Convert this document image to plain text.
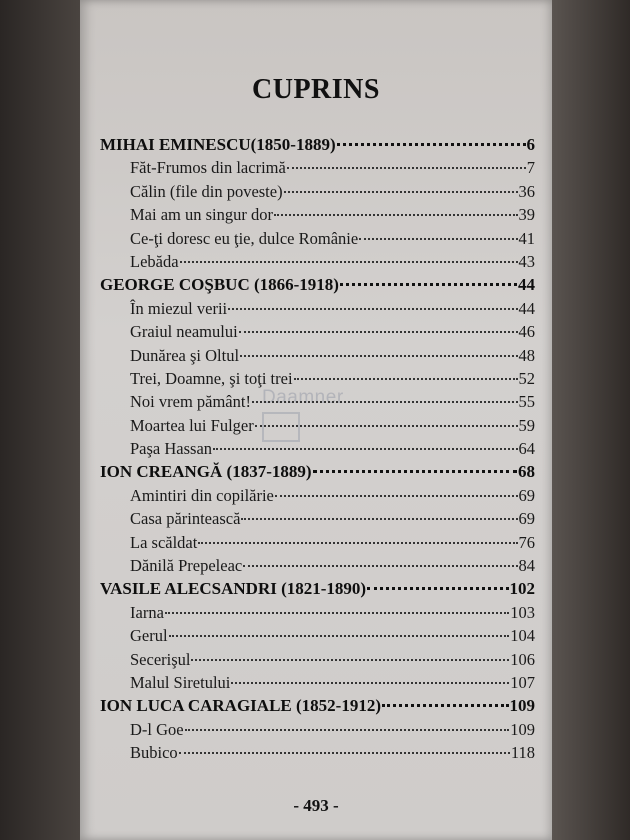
Daamner
CUPRINS
MIHAI EMINESCU(1850-1889)	6
Făt-Frumos din lacrimă	7
Călin (file din poveste)	36
Mai am un singur dor	39
Ce-ţi doresc eu ţie, dulce Românie	41
Lebăda	43
GEORGE COŞBUC (1866-1918)	44
În miezul verii	44
Graiul neamului	46
Dunărea şi Oltul	48
Trei, Doamne, şi toţi trei	52
Noi vrem pământ!	55
Moartea lui Fulger	59
Paşa Hassan	64
ION CREANGĂ (1837-1889)	68
Amintiri din copilărie	69
Casa părintească	69
La scăldat	76
Dănilă Prepeleac	84
VASILE ALECSANDRI (1821-1890)	102
Iarna	103
Gerul	104
Secerişul	106
Malul Siretului	107
ION LUCA CARAGIALE (1852-1912)	109
D-l Goe	109
Bubico	118
- 493 -
